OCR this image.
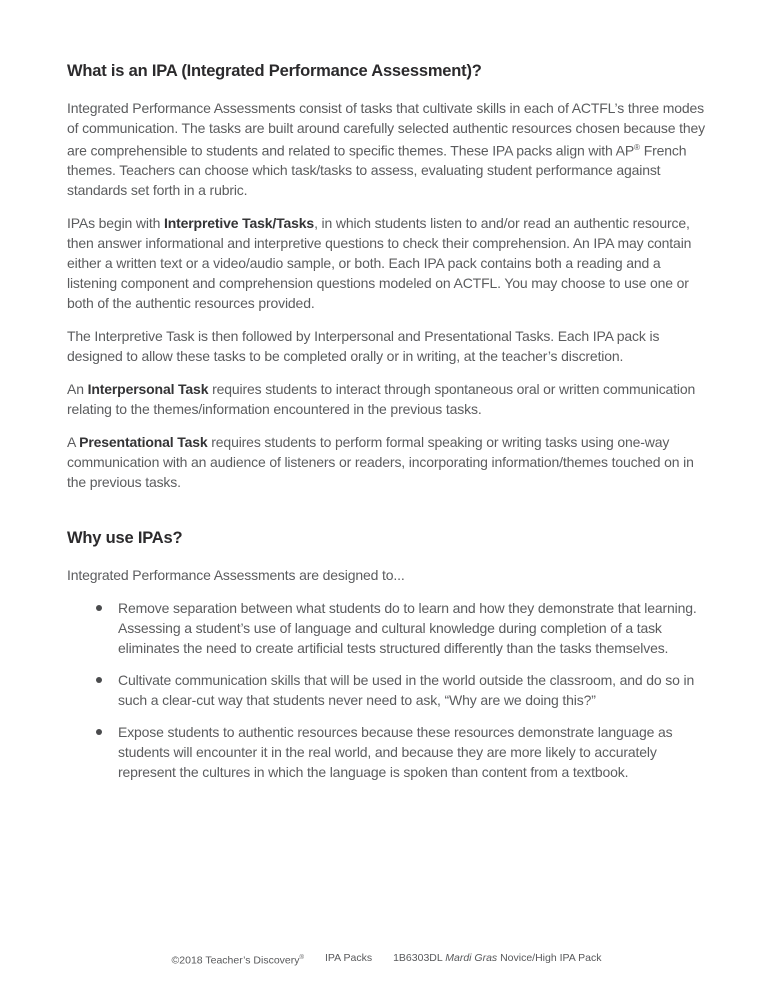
What is an IPA (Integrated Performance Assessment)?

Integrated Performance Assessments consist of tasks that cultivate skills in each of ACTFL’s three modes of communication. The tasks are built around carefully selected authentic resources chosen because they are comprehensible to students and related to specific themes. These IPA packs align with AP® French themes. Teachers can choose which task/tasks to assess, evaluating student performance against standards set forth in a rubric.

IPAs begin with Interpretive Task/Tasks, in which students listen to and/or read an authentic resource, then answer informational and interpretive questions to check their comprehension. An IPA may contain either a written text or a video/audio sample, or both. Each IPA pack contains both a reading and a listening component and comprehension questions modeled on ACTFL. You may choose to use one or both of the authentic resources provided.

The Interpretive Task is then followed by Interpersonal and Presentational Tasks. Each IPA pack is designed to allow these tasks to be completed orally or in writing, at the teacher’s discretion.

An Interpersonal Task requires students to interact through spontaneous oral or written communication relating to the themes/information encountered in the previous tasks.

A Presentational Task requires students to perform formal speaking or writing tasks using one-way communication with an audience of listeners or readers, incorporating information/themes touched on in the previous tasks.

Why use IPAs?

Integrated Performance Assessments are designed to...

Remove separation between what students do to learn and how they demonstrate that learning. Assessing a student’s use of language and cultural knowledge during completion of a task eliminates the need to create artificial tests structured differently than the tasks themselves.
Cultivate communication skills that will be used in the world outside the classroom, and do so in such a clear-cut way that students never need to ask, “Why are we doing this?”
Expose students to authentic resources because these resources demonstrate language as students will encounter it in the real world, and because they are more likely to accurately represent the cultures in which the language is spoken than content from a textbook.
©2018 Teacher’s Discovery® IPA Packs 1B6303DL Mardi Gras Novice/High IPA Pack
